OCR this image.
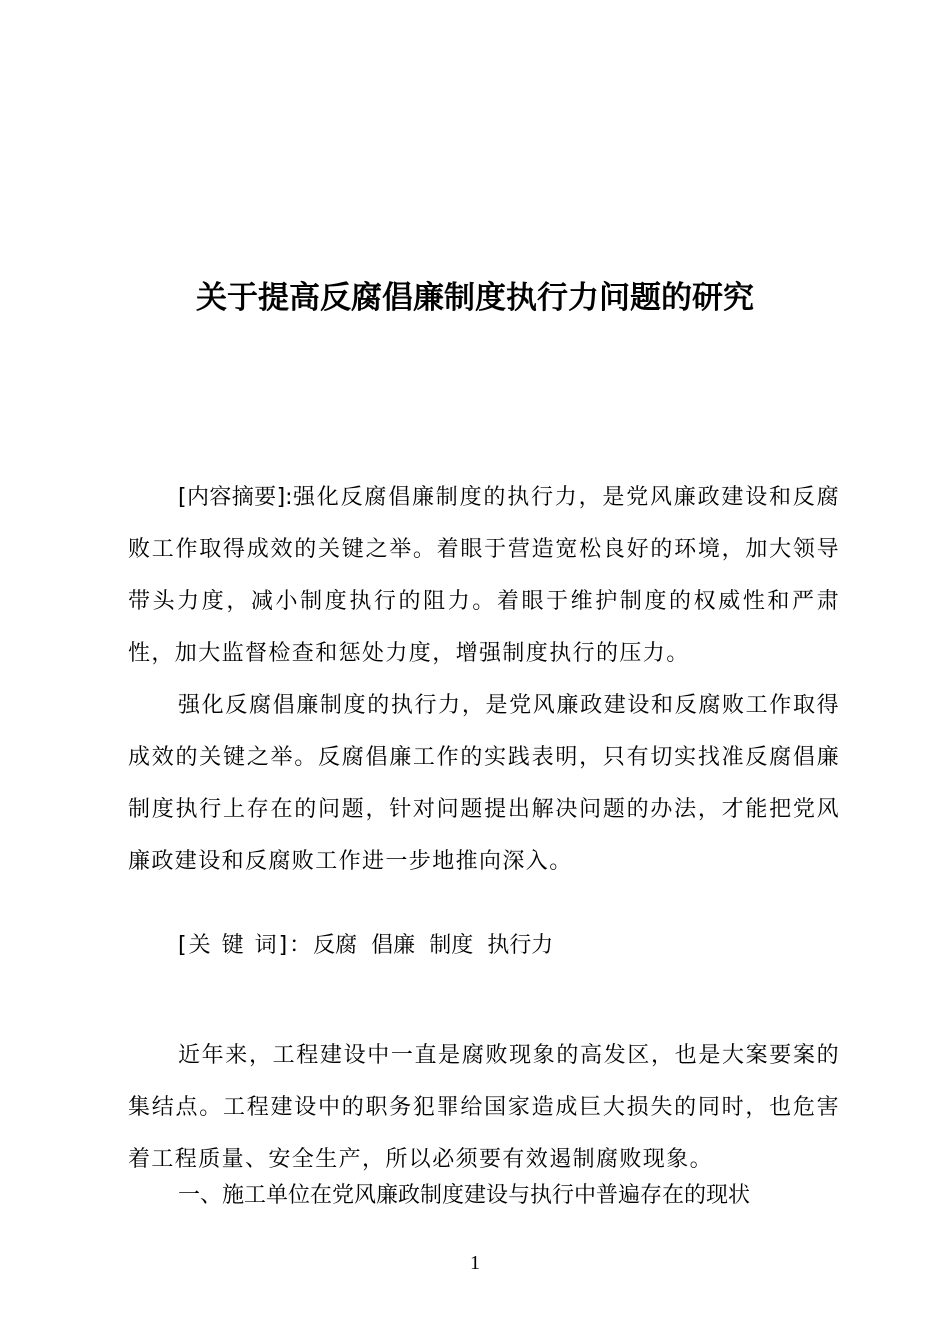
关于提高反腐倡廉制度执行力问题的研究

[内容摘要]:强化反腐倡廉制度的执行力，是党风廉政建设和反腐败工作取得成效的关键之举。着眼于营造宽松良好的环境，加大领导带头力度，减小制度执行的阻力。着眼于维护制度的权威性和严肃性，加大监督检查和惩处力度，增强制度执行的压力。

强化反腐倡廉制度的执行力，是党风廉政建设和反腐败工作取得成效的关键之举。反腐倡廉工作的实践表明，只有切实找准反腐倡廉制度执行上存在的问题，针对问题提出解决问题的办法，才能把党风廉政建设和反腐败工作进一步地推向深入。

[关 键 词]：反腐 倡廉 制度 执行力

近年来，工程建设中一直是腐败现象的高发区，也是大案要案的集结点。工程建设中的职务犯罪给国家造成巨大损失的同时，也危害着工程质量、安全生产，所以必须要有效遏制腐败现象。

一、施工单位在党风廉政制度建设与执行中普遍存在的现状

1
